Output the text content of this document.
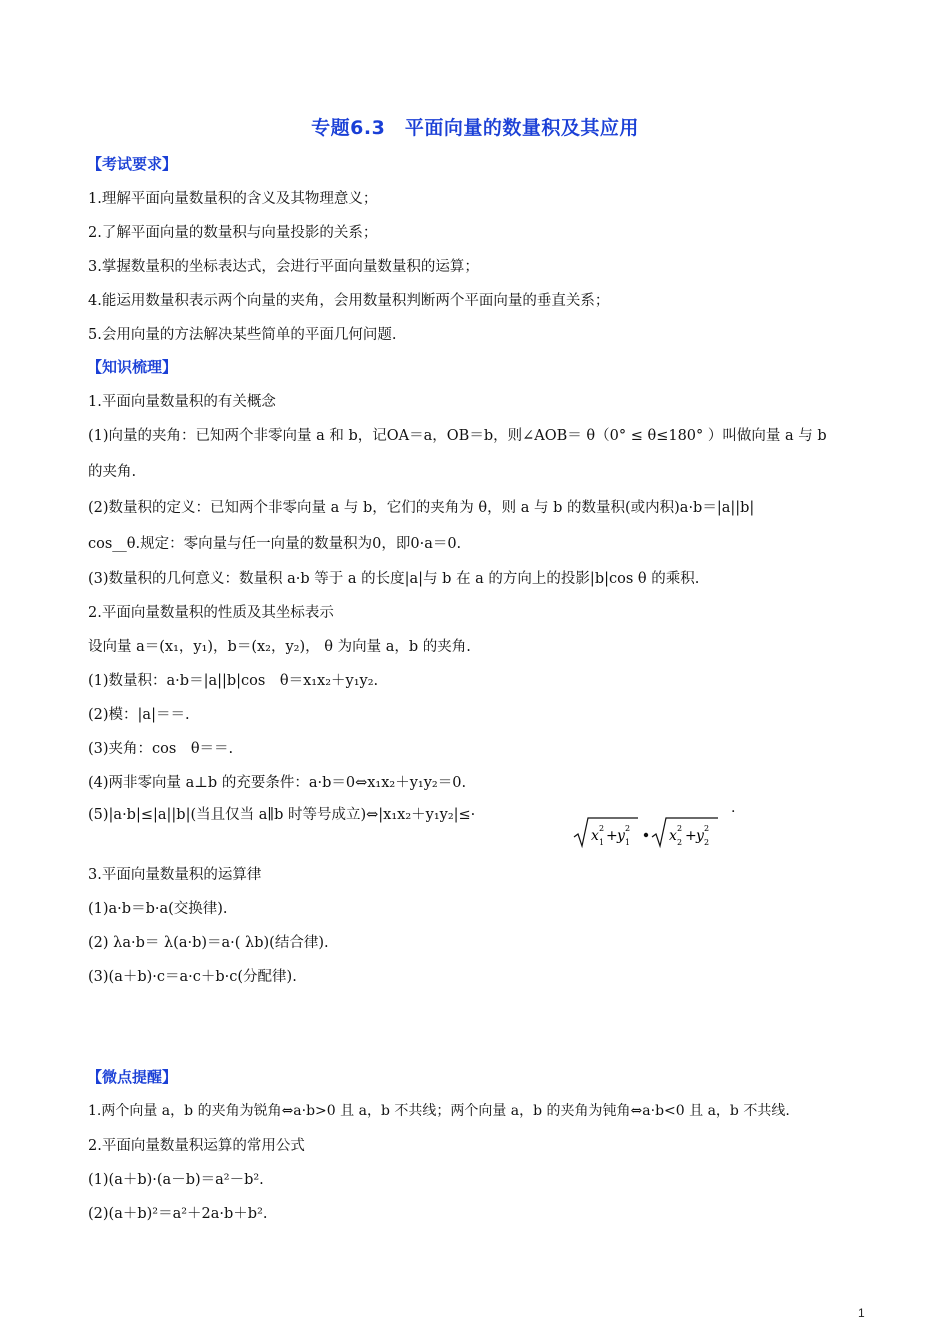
专题6.3　平面向量的数量积及其应用
【考试要求】
1.理解平面向量数量积的含义及其物理意义；
2.了解平面向量的数量积与向量投影的关系；
3.掌握数量积的坐标表达式，会进行平面向量数量积的运算；
4.能运用数量积表示两个向量的夹角，会用数量积判断两个平面向量的垂直关系；
5.会用向量的方法解决某些简单的平面几何问题.
【知识梳理】
1.平面向量数量积的有关概念
(1)向量的夹角：已知两个非零向量 a 和 b，记OA＝a，OB＝b，则∠AOB＝ θ（0° ≤ θ≤180° ）叫做向量 a 与 b
的夹角.
(2)数量积的定义：已知两个非零向量 a 与 b，它们的夹角为 θ，则 a 与 b 的数量积(或内积)a·b＝|a||b|
cos__θ.规定：零向量与任一向量的数量积为0，即0·a＝0.
(3)数量积的几何意义：数量积 a·b 等于 a 的长度|a|与 b 在 a 的方向上的投影|b|cos θ 的乘积.
2.平面向量数量积的性质及其坐标表示
设向量 a＝(x₁，y₁)，b＝(x₂，y₂)， θ 为向量 a，b 的夹角.
(1)数量积：a·b＝|a||b|cos　θ＝x₁x₂＋y₁y₂.
(2)模：|a|＝＝.
(3)夹角：cos　θ＝＝.
(4)两非零向量 a⊥b 的充要条件：a·b＝0⇔x₁x₂＋y₁y₂＝0.
(5)|a·b|≤|a||b|(当且仅当 a∥b 时等号成立)⇔|x₁x₂＋y₁y₂|≤·
x 1
2 + y 1
2	x 2
2 + y 2
2
.
3.平面向量数量积的运算律
(1)a·b＝b·a(交换律).
(2) λa·b＝ λ(a·b)＝a·( λb)(结合律).
(3)(a＋b)·c＝a·c＋b·c(分配律).
【微点提醒】
1.两个向量 a，b 的夹角为锐角⇔a·b>0 且 a，b 不共线；两个向量 a，b 的夹角为钝角⇔a·b<0 且 a，b 不共线.
2.平面向量数量积运算的常用公式
(1)(a＋b)·(a－b)＝a²－b².
(2)(a＋b)²＝a²＋2a·b＋b².
1
